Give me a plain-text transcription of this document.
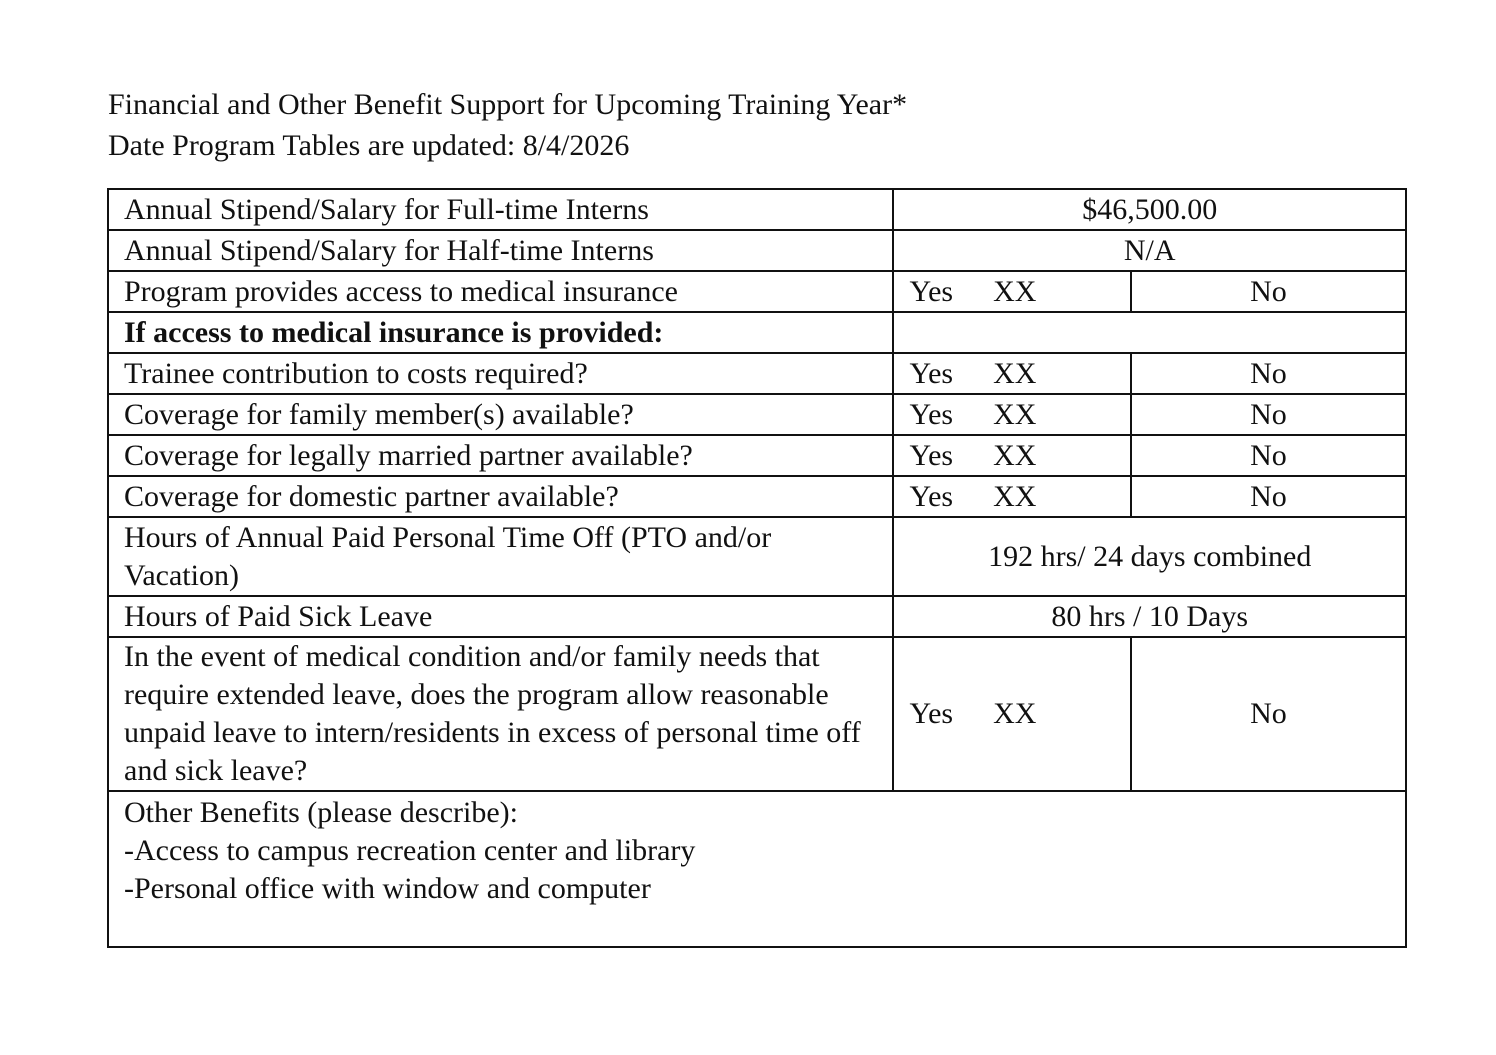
Financial and Other Benefit Support for Upcoming Training Year*
Date Program Tables are updated: 8/4/2026
Annual Stipend/Salary for Full-time Interns	$46,500.00	
Annual Stipend/Salary for Half-time Interns	N/A	
Program provides access to medical insurance	Yes XX	No
If access to medical insurance is provided:		
Trainee contribution to costs required?	Yes XX	No
Coverage for family member(s) available?	Yes XX	No
Coverage for legally married partner available?	Yes XX	No
Coverage for domestic partner available?	Yes XX	No
Hours of Annual Paid Personal Time Off (PTO and/or Vacation)	192 hrs/ 24 days combined	
Hours of Paid Sick Leave	80 hrs / 10 Days	
In the event of medical condition and/or family needs that require extended leave, does the program allow reasonable unpaid leave to intern/residents in excess of personal time off and sick leave?	Yes XX	No

Other Benefits (please describe):
-Access to campus recreation center and library
-Personal office with window and computer		
